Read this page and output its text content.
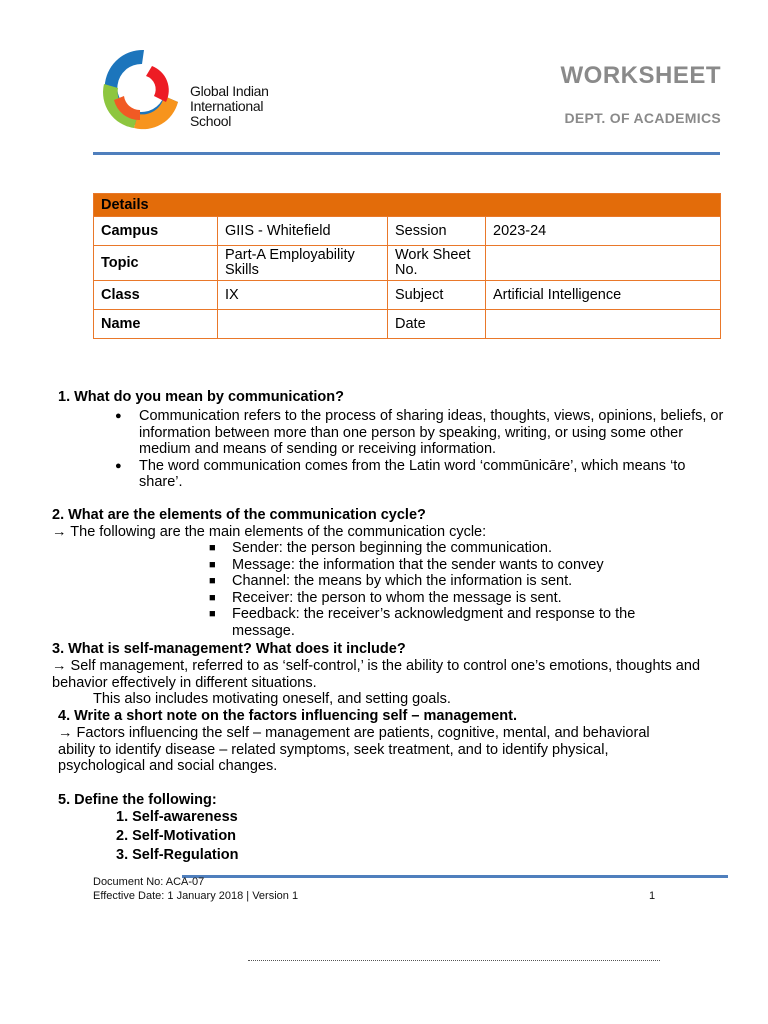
Global Indian
International
School
WORKSHEET
DEPT. OF ACADEMICS
Details			
Campus	GIIS - Whitefield	Session	2023-24
Topic	Part-A Employability Skills	Work Sheet No.	
Class	IX	Subject	Artificial Intelligence
Name		Date	
1. What do you mean by communication?
● Communication refers to the process of sharing ideas, thoughts, views, opinions, beliefs, or information between more than one person by speaking, writing, or using some other medium and means of sending or receiving information.
● The word communication comes from the Latin word ‘commūnicāre’, which means ‘to share’.
2. What are the elements of the communication cycle?
→ The following are the main elements of the communication cycle:
■ Sender: the person beginning the communication.
■ Message: the information that the sender wants to convey
■ Channel: the means by which the information is sent.
■ Receiver: the person to whom the message is sent.
■ Feedback: the receiver’s acknowledgment and response to the message.
3. What is self-management? What does it include?
→ Self management, referred to as ‘self-control,’ is the ability to control one’s emotions, thoughts and behavior effectively in different situations.
This also includes motivating oneself, and setting goals.
4. Write a short note on the factors influencing self – management.
→ Factors influencing the self – management are patients, cognitive, mental, and behavioral ability to identify disease – related symptoms, seek treatment, and to identify physical, psychological and social changes.
5. Define the following:
1. Self-awareness
2. Self-Motivation
3. Self-Regulation
Document No: ACA-07
Effective Date: 1 January 2018 | Version 1	1
